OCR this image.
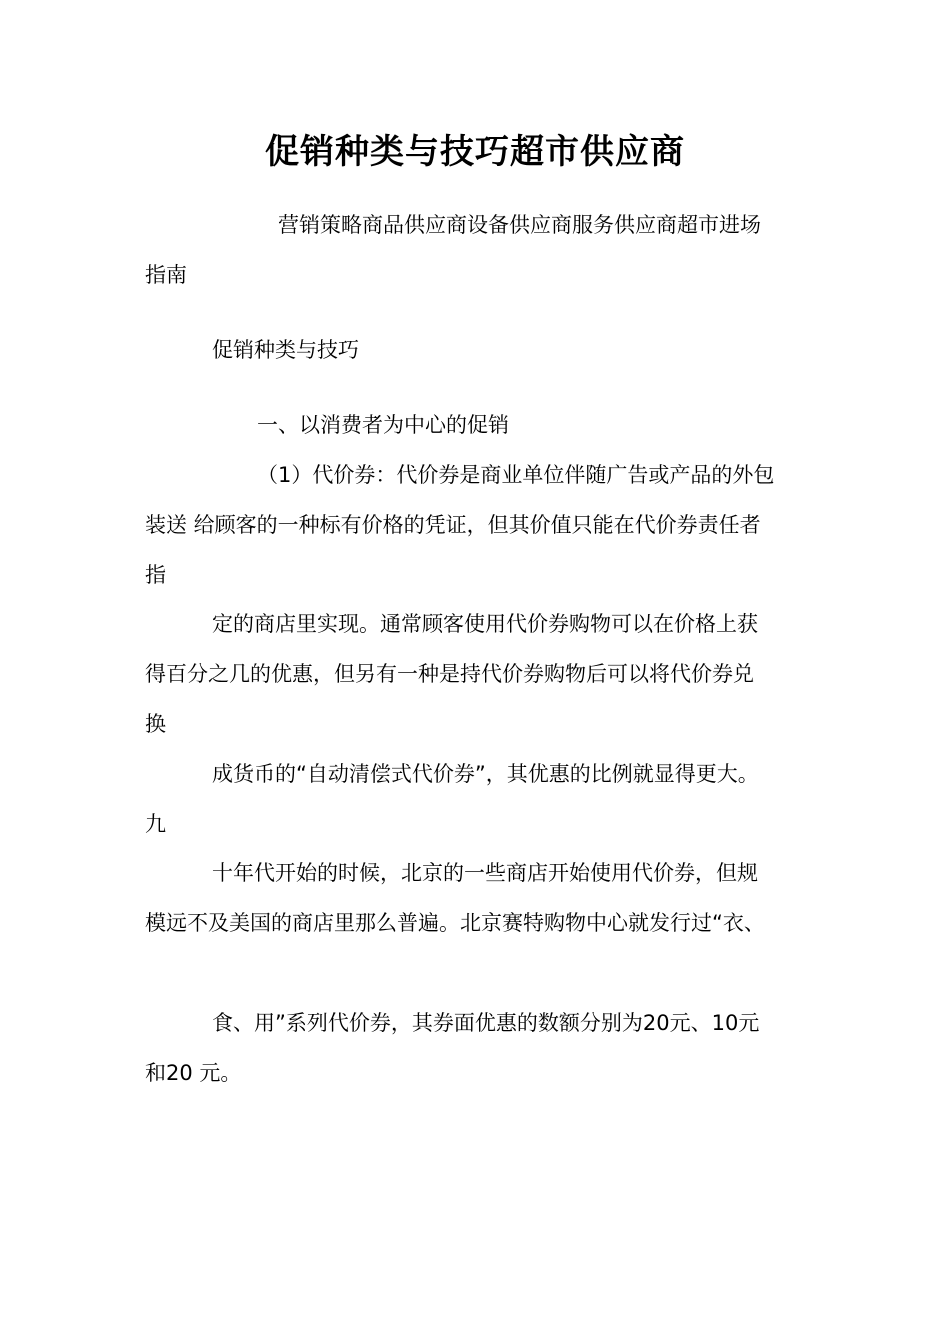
促销种类与技巧超市供应商
营销策略商品供应商设备供应商服务供应商超市进场
指南
促销种类与技巧
一、以消费者为中心的促销
（1）代价券：代价券是商业单位伴随广告或产品的外包
装送 给顾客的一种标有价格的凭证，但其价值只能在代价券责任者
指
定的商店里实现。通常顾客使用代价券购物可以在价格上获
得百分之几的优惠，但另有一种是持代价券购物后可以将代价券兑
换
成货币的“自动清偿式代价券”，其优惠的比例就显得更大。
九
十年代开始的时候，北京的一些商店开始使用代价券，但规
模远不及美国的商店里那么普遍。北京赛特购物中心就发行过“衣、
食、用”系列代价券，其券面优惠的数额分别为20元、10元
和20 元。
